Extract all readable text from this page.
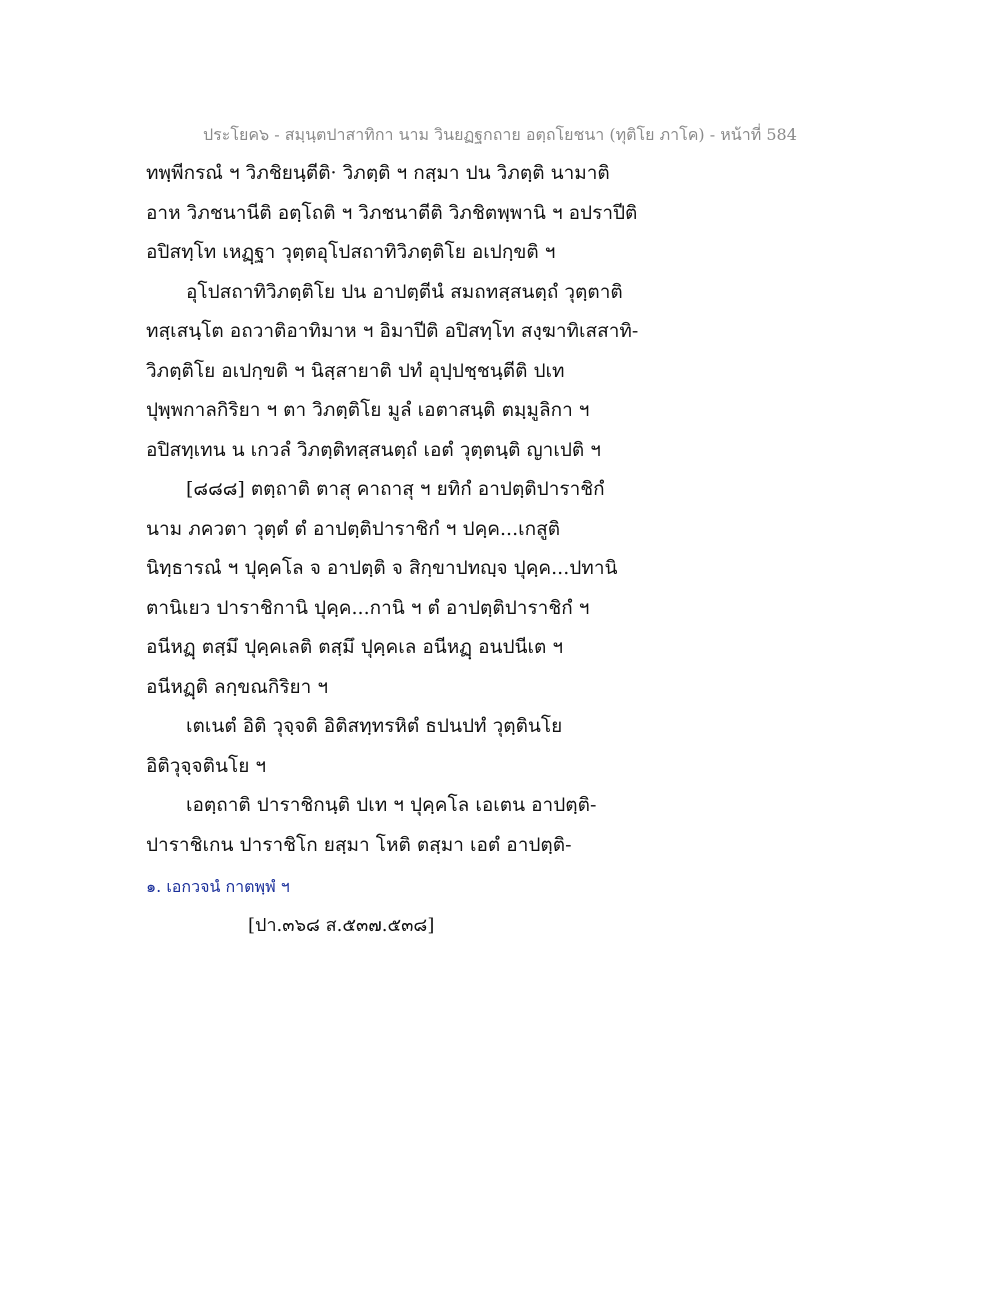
ประโยค๖ - สมฺนฺตปาสาทิกา นาม วินยฏฐกถาย อตฺถโยชนา (ทุติโย ภาโค) - หน้าที่ 584
ทพฺพีกรณํ ฯ วิภชิยนฺตีติ· วิภตฺติ ฯ กสฺมา ปน วิภตฺติ นามาติ
อาห วิภชนานีติ อตฺโถติ ฯ วิภชนาตีติ วิภชิตพฺพานิ ฯ อปราปีติ
อปิสทฺโท เหฏฺฐา วุตฺตอุโปสถาทิวิภตฺติโย อเปกฺขติ ฯ
อุโปสถาทิวิภตฺติโย ปน อาปตฺตีนํ สมถทสฺสนตฺถํ วุตฺตาติ
ทสฺเสนฺโต อถวาติอาทิมาห ฯ อิมาปีติ อปิสทฺโท สงฺฆาทิเสสาทิ-
วิภตฺติโย อเปกฺขติ ฯ นิสฺสายาติ ปทํ อุปฺปชฺชนฺตีติ ปเท
ปุพฺพกาลกิริยา ฯ ตา วิภตฺติโย มูลํ เอตาสนฺติ ตมฺมูลิกา ฯ
อปิสทฺเทน น เกวลํ วิภตฺติทสฺสนตฺถํ เอตํ วุตฺตนฺติ ญาเปติ ฯ
[๘๘๘] ตตฺถาติ ตาสุ คาถาสุ ฯ ยทิกํ อาปตฺติปาราชิกํ
นาม ภควตา วุตฺตํ ตํ อาปตฺติปาราชิกํ ฯ ปคฺค...เกสูติ
นิทฺธารณํ ฯ ปุคฺคโล จ อาปตฺติ จ สิกฺขาปทญฺจ ปุคฺค...ปทานิ
ตานิเยว ปาราชิกานิ ปุคฺค...กานิ ฯ ตํ อาปตฺติปาราชิกํ ฯ
อนีหฏฺ ตสฺมึ ปุคฺคเลติ ตสฺมึ ปุคฺคเล อนีหฏฺ อนปนีเต ฯ
อนีหฏฺติ ลกฺขณกิริยา ฯ
เตเนตํ อิติ วุจฺจติ อิติสทฺทรหิตํ ธปนปทํ วุตฺตินโย
อิติวุจฺจตินโย ฯ
เอตฺถาติ ปาราชิกนฺติ ปเท ฯ ปุคฺคโล เอเตน อาปตฺติ-
ปาราชิเกน ปาราชิโก ยสฺมา โหติ ตสฺมา เอตํ อาปตฺติ-
๑. เอกวจนํ กาตพฺพํ ฯ
[ปา.๓๖๘ ส.๕๓๗.๕๓๘]
